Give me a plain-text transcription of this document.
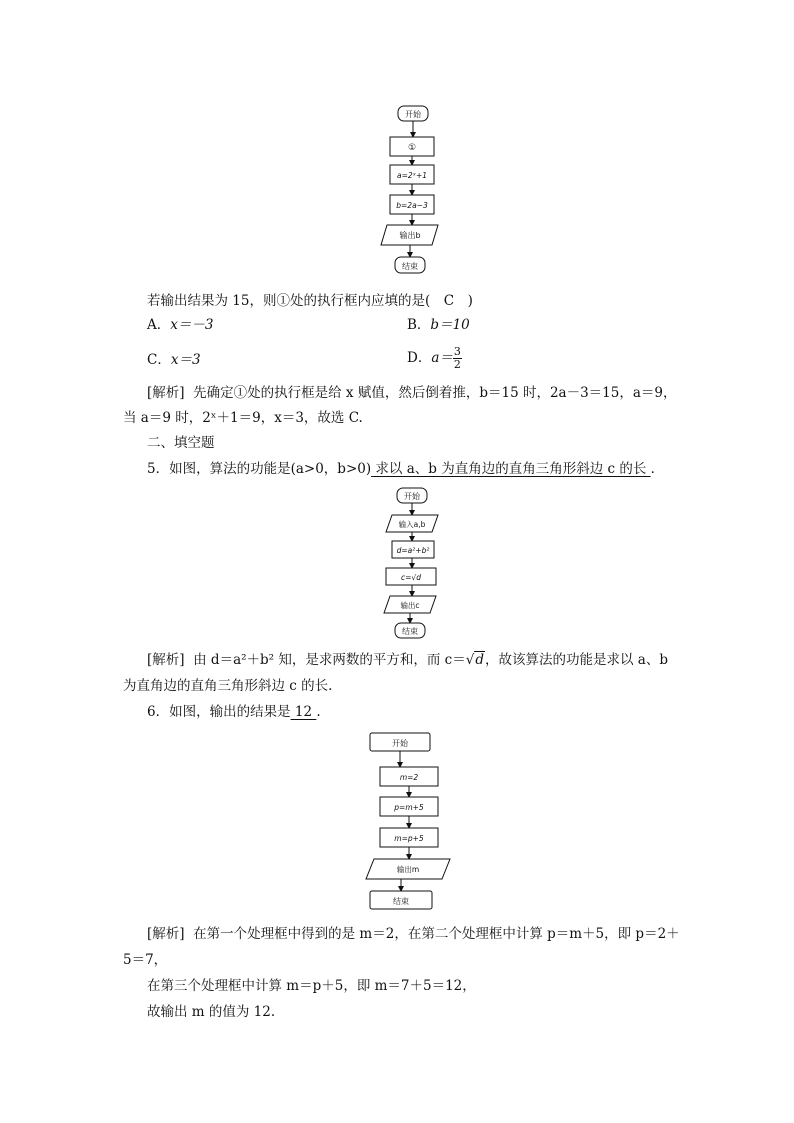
开始
①
a=2ˣ+1
b=2a−3
输出b
结束
若输出结果为 15，则①处的执行框内应填的是(　C　)
A．x＝－3	B．b＝10
C．x＝3	D．$a= \frac{3}{2}$
[解析] 先确定①处的执行框是给 x 赋值，然后倒着推，b＝15 时，2a－3＝15，a＝9，
当 a＝9 时，2ˣ＋1＝9，x＝3，故选 C.
二、填空题
5．如图，算法的功能是(a>0，b>0) 求以 a、b 为直角边的直角三角形斜边 c 的长 ．
开始
输入a,b
d=a²+b²
c=√d
输出c
结束
[解析] 由 d＝a²＋b² 知，是求两数的平方和，而 c＝√d，故该算法的功能是求以 a、b
为直角边的直角三角形斜边 c 的长.
6．如图，输出的结果是 12 .
开始
m=2
p=m+5
m=p+5
输出m
结束
[解析] 在第一个处理框中得到的是 m＝2，在第二个处理框中计算 p＝m＋5，即 p＝2＋
5＝7，
在第三个处理框中计算 m＝p＋5，即 m＝7＋5＝12，
故输出 m 的值为 12.
